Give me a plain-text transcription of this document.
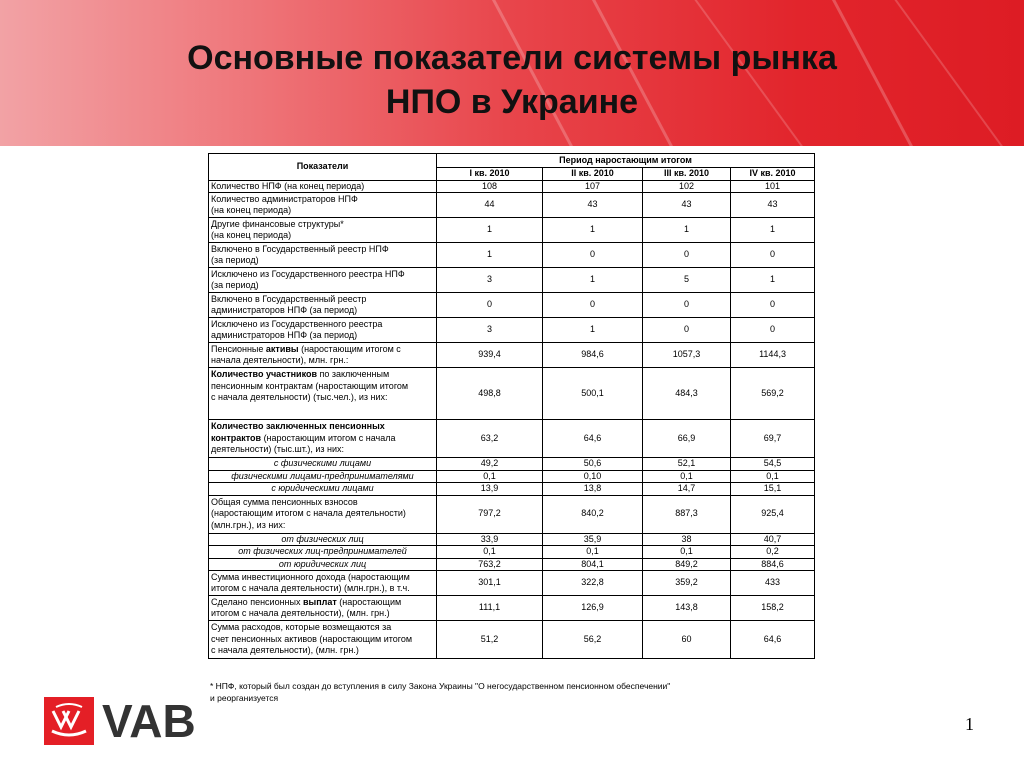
Основные показатели системы рынка
НПО в Украине
Показатели	Период наростающим итогом			
	I кв. 2010	II кв. 2010	III кв. 2010	IV кв. 2010
Количество НПФ (на конец периода)	108	107	102	101
Количество администраторов НПФ
(на конец периода)	44	43	43	43
Другие финансовые структуры*
(на конец периода)	1	1	1	1
Включено в Государственный реестр НПФ
(за период)	1	0	0	0
Исключено из Государственного реестра НПФ
(за период)	3	1	5	1
Включено в Государственный реестр
администраторов НПФ (за период)	0	0	0	0
Исключено из Государственного реестра
администраторов НПФ (за период)	3	1	0	0
Пенсионные активы (наростающим итогом с
начала деятельности), млн. грн.:	939,4	984,6	1057,3	1144,3
Количество участников по заключенным
пенсионным контрактам (наростающим итогом
с начала деятельности) (тыс.чел.), из них:	498,8	500,1	484,3	569,2
Количество заключенных пенсионных
контрактов (наростающим итогом с начала
деятельности) (тыс.шт.), из них:	63,2	64,6	66,9	69,7
с физическими лицами	49,2	50,6	52,1	54,5
физическими лицами-предпринимателями	0,1	0,10	0,1	0,1
с юридическими лицами	13,9	13,8	14,7	15,1
Общая сумма пенсионных взносов
(наростающим итогом с начала деятельности)
(млн.грн.), из них:	797,2	840,2	887,3	925,4
от физических лиц	33,9	35,9	38	40,7
от физических лиц-предпринимателей	0,1	0,1	0,1	0,2
от юридических лиц	763,2	804,1	849,2	884,6
Сумма инвестиционного дохода (наростающим
итогом с начала деятельности) (млн.грн.), в т.ч.	301,1	322,8	359,2	433
Сделано пенсионных выплат (наростающим
итогом с начала деятельности), (млн. грн.)	111,1	126,9	143,8	158,2
Сумма расходов, которые возмещаются за
счет пенсионных активов (наростающим итогом
с начала деятельности), (млн. грн.)	51,2	56,2	60	64,6
* НПФ, который был создан до вступления в силу Закона Украины "О негосударственном пенсионном обеспечении"
и реорганизуется
VAB	1
